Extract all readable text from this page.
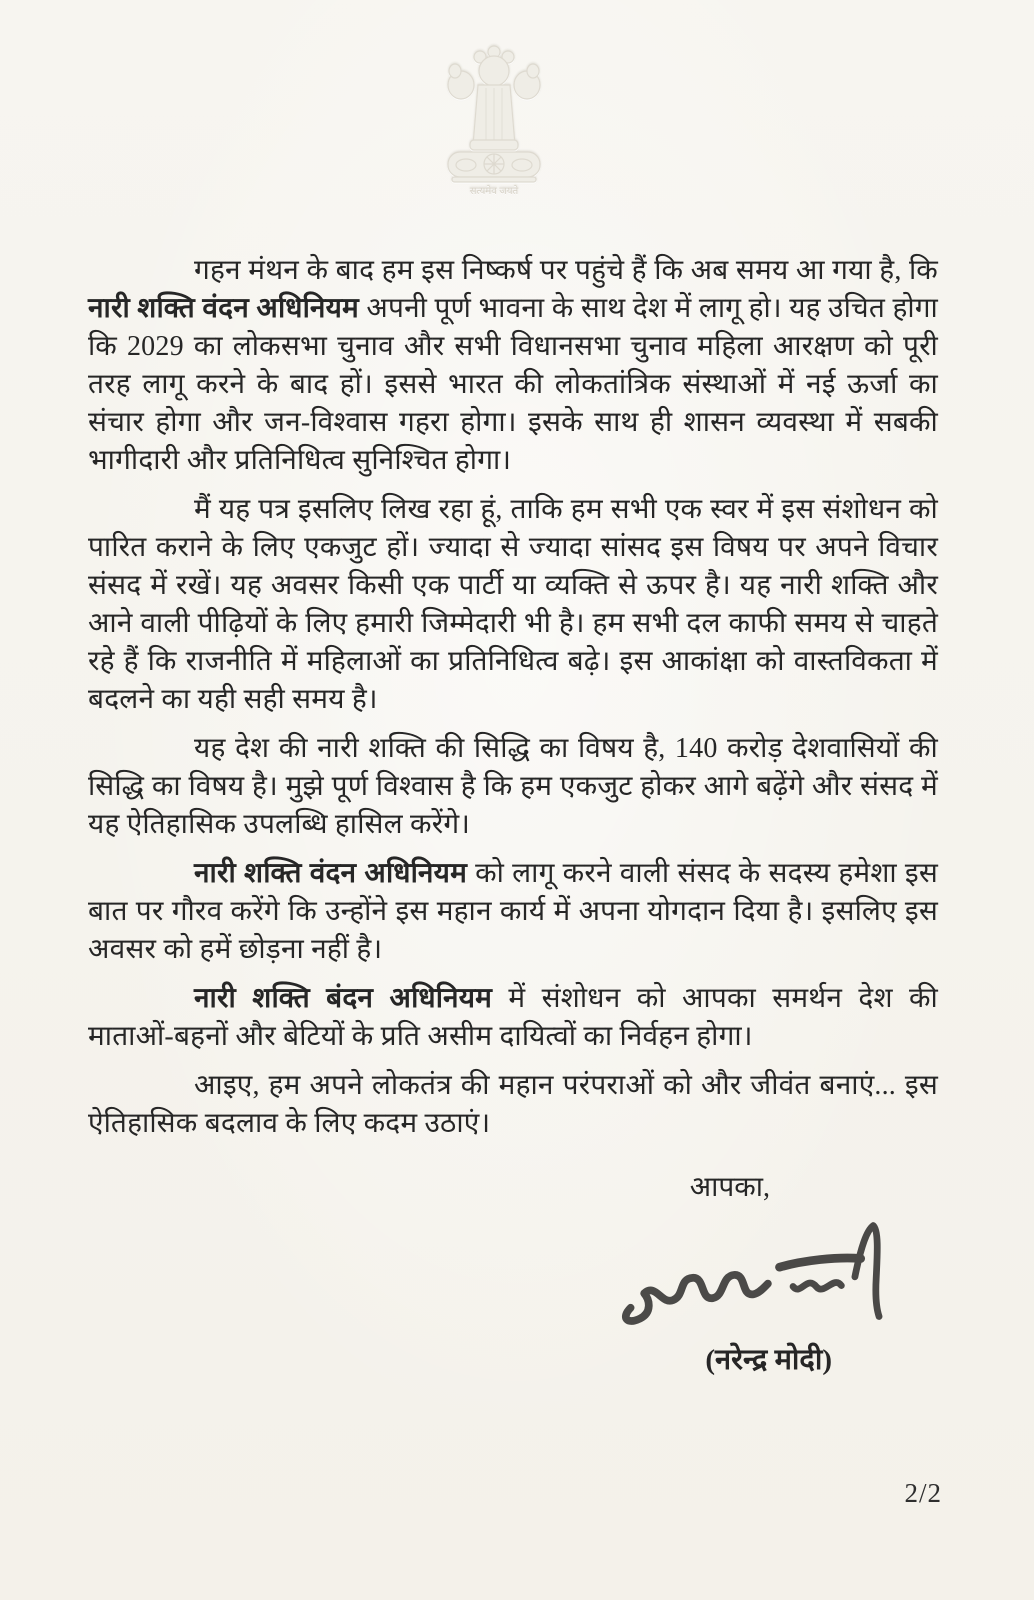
सत्यमेव जयते

गहन मंथन के बाद हम इस निष्कर्ष पर पहुंचे हैं कि अब समय आ गया है, कि नारी शक्ति वंदन अधिनियम अपनी पूर्ण भावना के साथ देश में लागू हो। यह उचित होगा कि 2029 का लोकसभा चुनाव और सभी विधानसभा चुनाव महिला आरक्षण को पूरी तरह लागू करने के बाद हों। इससे भारत की लोकतांत्रिक संस्थाओं में नई ऊर्जा का संचार होगा और जन-विश्वास गहरा होगा। इसके साथ ही शासन व्यवस्था में सबकी भागीदारी और प्रतिनिधित्व सुनिश्चित होगा।

मैं यह पत्र इसलिए लिख रहा हूं, ताकि हम सभी एक स्वर में इस संशोधन को पारित कराने के लिए एकजुट हों। ज्यादा से ज्यादा सांसद इस विषय पर अपने विचार संसद में रखें। यह अवसर किसी एक पार्टी या व्यक्ति से ऊपर है। यह नारी शक्ति और आने वाली पीढ़ियों के लिए हमारी जिम्मेदारी भी है। हम सभी दल काफी समय से चाहते रहे हैं कि राजनीति में महिलाओं का प्रतिनिधित्व बढ़े। इस आकांक्षा को वास्तविकता में बदलने का यही सही समय है।

यह देश की नारी शक्ति की सिद्धि का विषय है, 140 करोड़ देशवासियों की सिद्धि का विषय है। मुझे पूर्ण विश्वास है कि हम एकजुट होकर आगे बढ़ेंगे और संसद में यह ऐतिहासिक उपलब्धि हासिल करेंगे।

नारी शक्ति वंदन अधिनियम को लागू करने वाली संसद के सदस्य हमेशा इस बात पर गौरव करेंगे कि उन्होंने इस महान कार्य में अपना योगदान दिया है। इसलिए इस अवसर को हमें छोड़ना नहीं है।

नारी शक्ति बंदन अधिनियम में संशोधन को आपका समर्थन देश की माताओं-बहनों और बेटियों के प्रति असीम दायित्वों का निर्वहन होगा।

आइए, हम अपने लोकतंत्र की महान परंपराओं को और जीवंत बनाएं... इस ऐतिहासिक बदलाव के लिए कदम उठाएं।

आपका,
(नरेन्द्र मोदी)
2/2
